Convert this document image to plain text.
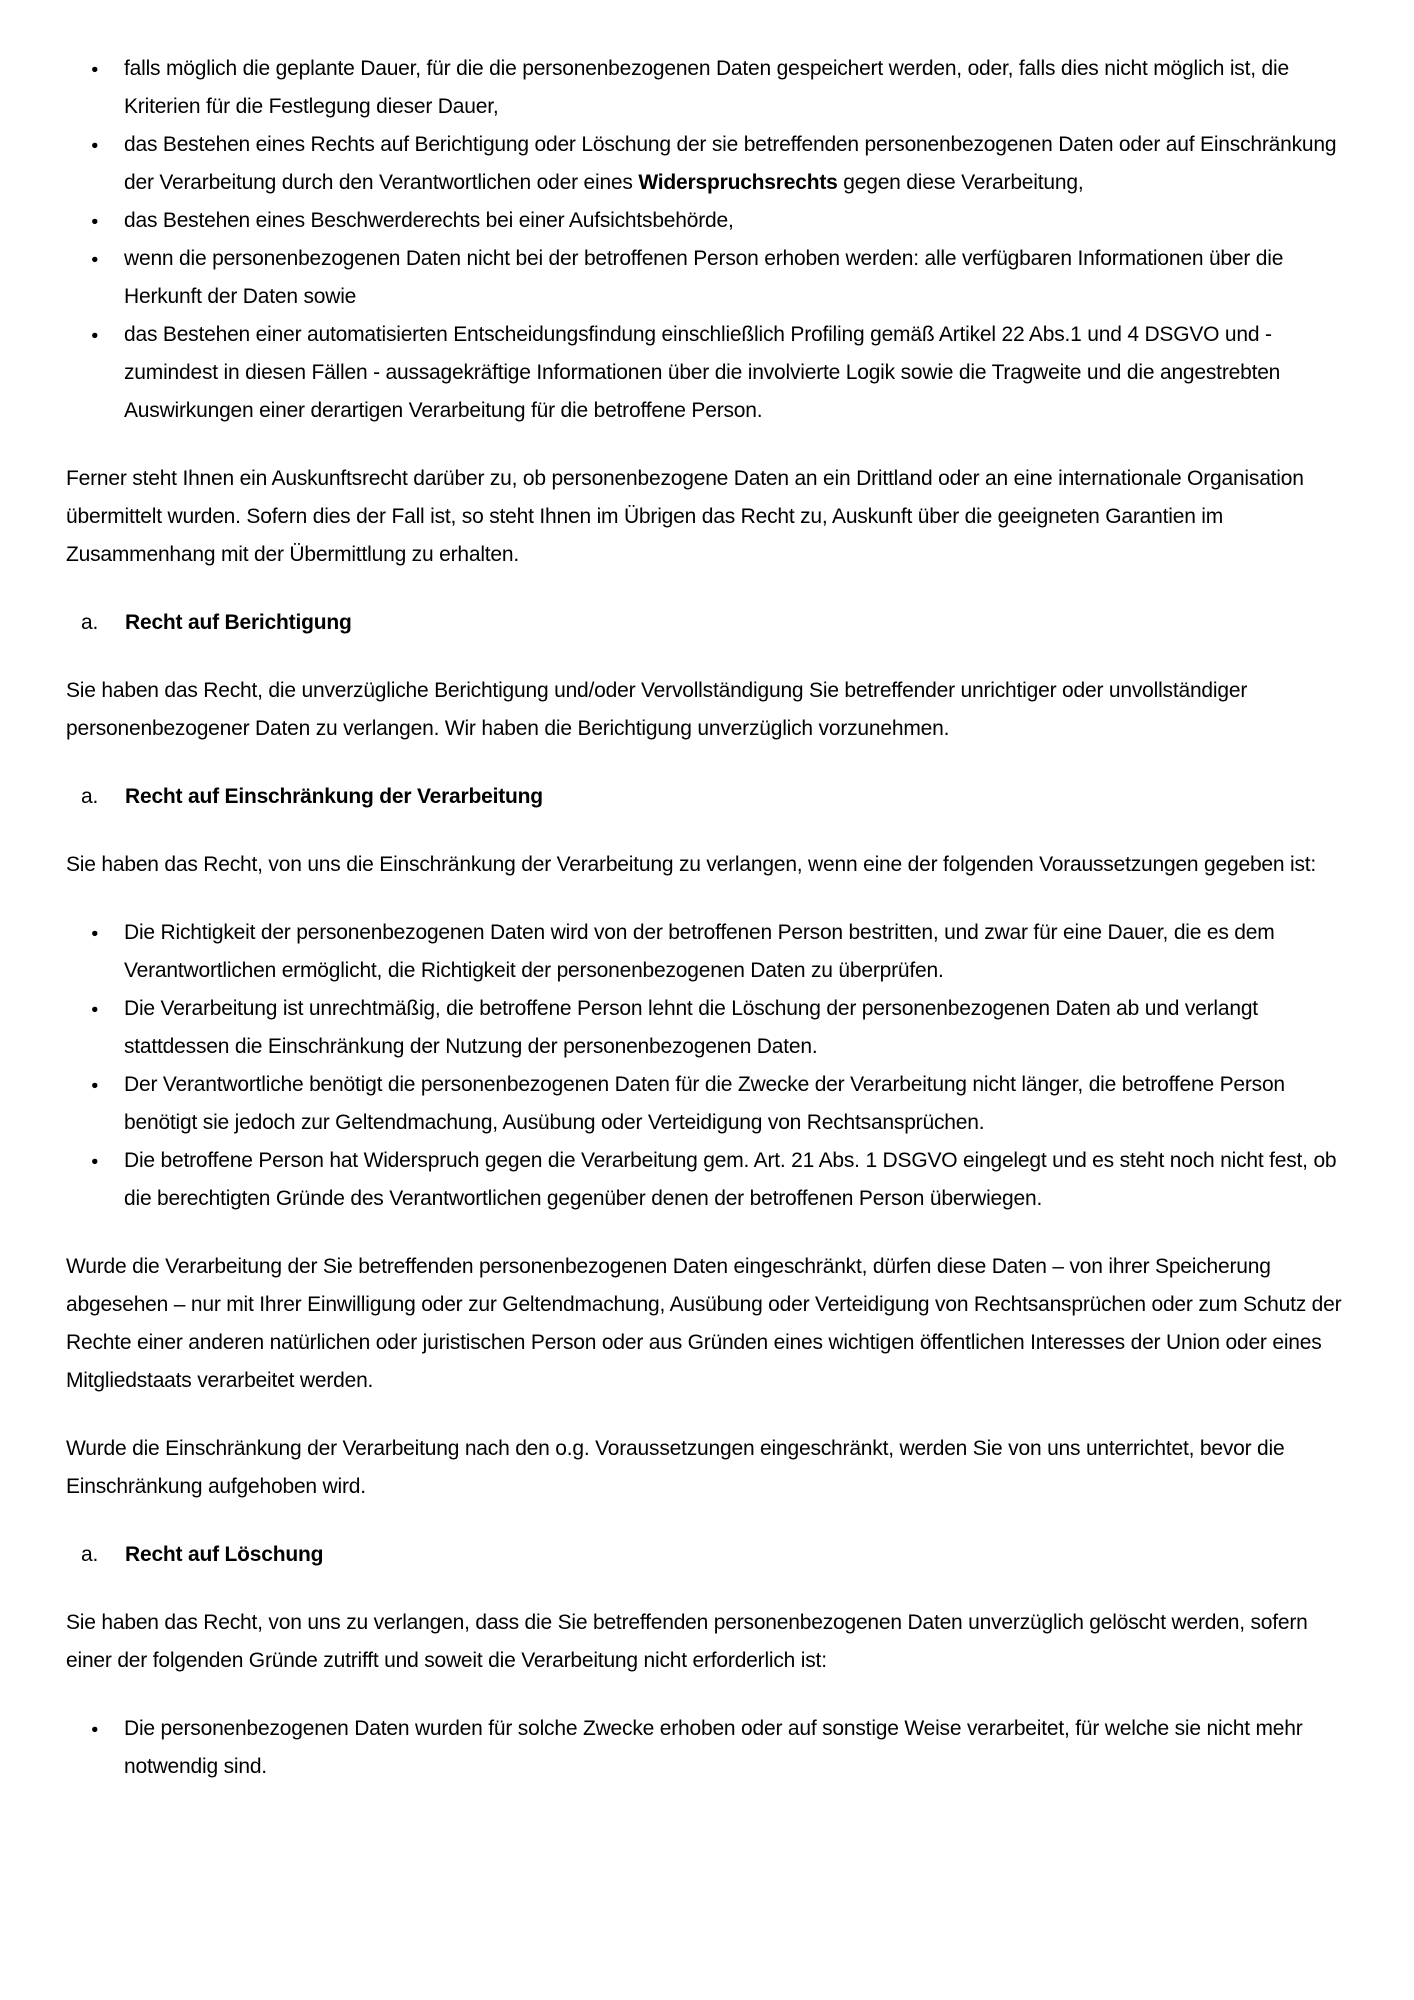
● falls möglich die geplante Dauer, für die die personenbezogenen Daten gespeichert werden, oder, falls dies nicht möglich ist, die Kriterien für die Festlegung dieser Dauer,
● das Bestehen eines Rechts auf Berichtigung oder Löschung der sie betreffenden personenbezogenen Daten oder auf Einschränkung der Verarbeitung durch den Verantwortlichen oder eines Widerspruchsrechts gegen diese Verarbeitung,
● das Bestehen eines Beschwerderechts bei einer Aufsichtsbehörde,
● wenn die personenbezogenen Daten nicht bei der betroffenen Person erhoben werden: alle verfügbaren Informationen über die Herkunft der Daten sowie
● das Bestehen einer automatisierten Entscheidungsfindung einschließlich Profiling gemäß Artikel 22 Abs.1 und 4 DSGVO und - zumindest in diesen Fällen - aussagekräftige Informationen über die involvierte Logik sowie die Tragweite und die angestrebten Auswirkungen einer derartigen Verarbeitung für die betroffene Person.

Ferner steht Ihnen ein Auskunftsrecht darüber zu, ob personenbezogene Daten an ein Drittland oder an eine internationale Organisation übermittelt wurden. Sofern dies der Fall ist, so steht Ihnen im Übrigen das Recht zu, Auskunft über die geeigneten Garantien im Zusammenhang mit der Übermittlung zu erhalten.

a. Recht auf Berichtigung

Sie haben das Recht, die unverzügliche Berichtigung und/oder Vervollständigung Sie betreffender unrichtiger oder unvollständiger personenbezogener Daten zu verlangen. Wir haben die Berichtigung unverzüglich vorzunehmen.

a. Recht auf Einschränkung der Verarbeitung

Sie haben das Recht, von uns die Einschränkung der Verarbeitung zu verlangen, wenn eine der folgenden Voraussetzungen gegeben ist:

● Die Richtigkeit der personenbezogenen Daten wird von der betroffenen Person bestritten, und zwar für eine Dauer, die es dem Verantwortlichen ermöglicht, die Richtigkeit der personenbezogenen Daten zu überprüfen.
● Die Verarbeitung ist unrechtmäßig, die betroffene Person lehnt die Löschung der personenbezogenen Daten ab und verlangt stattdessen die Einschränkung der Nutzung der personenbezogenen Daten.
● Der Verantwortliche benötigt die personenbezogenen Daten für die Zwecke der Verarbeitung nicht länger, die betroffene Person benötigt sie jedoch zur Geltendmachung, Ausübung oder Verteidigung von Rechtsansprüchen.
● Die betroffene Person hat Widerspruch gegen die Verarbeitung gem. Art. 21 Abs. 1 DSGVO eingelegt und es steht noch nicht fest, ob die berechtigten Gründe des Verantwortlichen gegenüber denen der betroffenen Person überwiegen.

Wurde die Verarbeitung der Sie betreffenden personenbezogenen Daten eingeschränkt, dürfen diese Daten – von ihrer Speicherung abgesehen – nur mit Ihrer Einwilligung oder zur Geltendmachung, Ausübung oder Verteidigung von Rechtsansprüchen oder zum Schutz der Rechte einer anderen natürlichen oder juristischen Person oder aus Gründen eines wichtigen öffentlichen Interesses der Union oder eines Mitgliedstaats verarbeitet werden.

Wurde die Einschränkung der Verarbeitung nach den o.g. Voraussetzungen eingeschränkt, werden Sie von uns unterrichtet, bevor die Einschränkung aufgehoben wird.

a. Recht auf Löschung

Sie haben das Recht, von uns zu verlangen, dass die Sie betreffenden personenbezogenen Daten unverzüglich gelöscht werden, sofern einer der folgenden Gründe zutrifft und soweit die Verarbeitung nicht erforderlich ist:

● Die personenbezogenen Daten wurden für solche Zwecke erhoben oder auf sonstige Weise verarbeitet, für welche sie nicht mehr notwendig sind.
